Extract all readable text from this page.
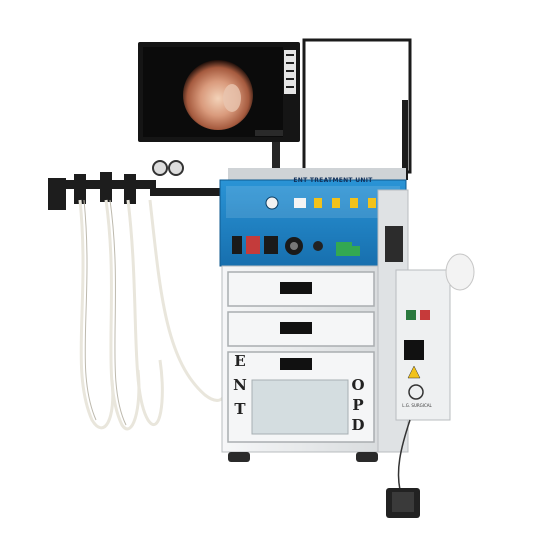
ENT TREATMENT UNIT
E
N
T
O
P
D
L.G. SURGICAL
